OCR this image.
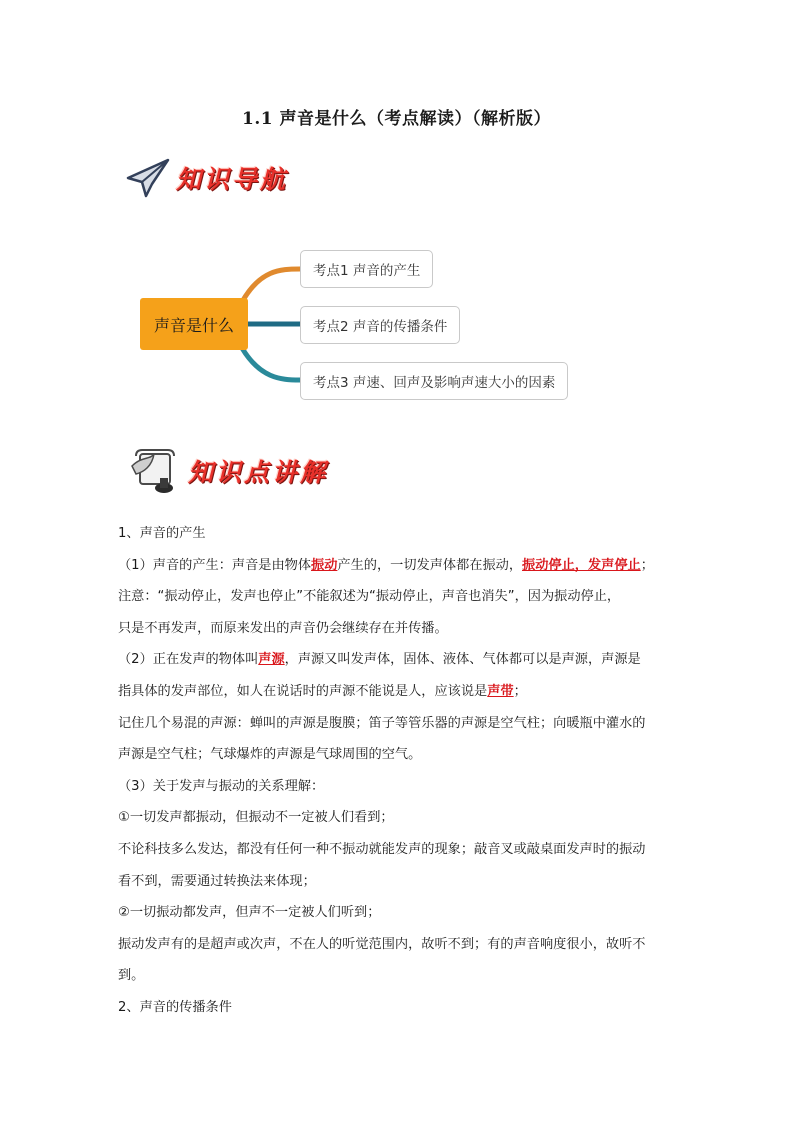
1.1 声音是什么（考点解读）（解析版）
知识导航
声音是什么
考点1 声音的产生
考点2 声音的传播条件
考点3 声速、回声及影响声速大小的因素
知识点讲解
1、声音的产生
（1）声音的产生：声音是由物体振动产生的，一切发声体都在振动，振动停止，发声停止；
注意：“振动停止，发声也停止”不能叙述为“振动停止，声音也消失”，因为振动停止，
只是不再发声，而原来发出的声音仍会继续存在并传播。
（2）正在发声的物体叫声源，声源又叫发声体，固体、液体、气体都可以是声源，声源是
指具体的发声部位，如人在说话时的声源不能说是人，应该说是声带；
记住几个易混的声源：蝉叫的声源是腹膜；笛子等管乐器的声源是空气柱；向暖瓶中灌水的
声源是空气柱；气球爆炸的声源是气球周围的空气。
（3）关于发声与振动的关系理解：
①一切发声都振动，但振动不一定被人们看到；
不论科技多么发达，都没有任何一种不振动就能发声的现象；敲音叉或敲桌面发声时的振动
看不到，需要通过转换法来体现；
②一切振动都发声，但声不一定被人们听到；
振动发声有的是超声或次声，不在人的听觉范围内，故听不到；有的声音响度很小，故听不
到。
2、声音的传播条件
